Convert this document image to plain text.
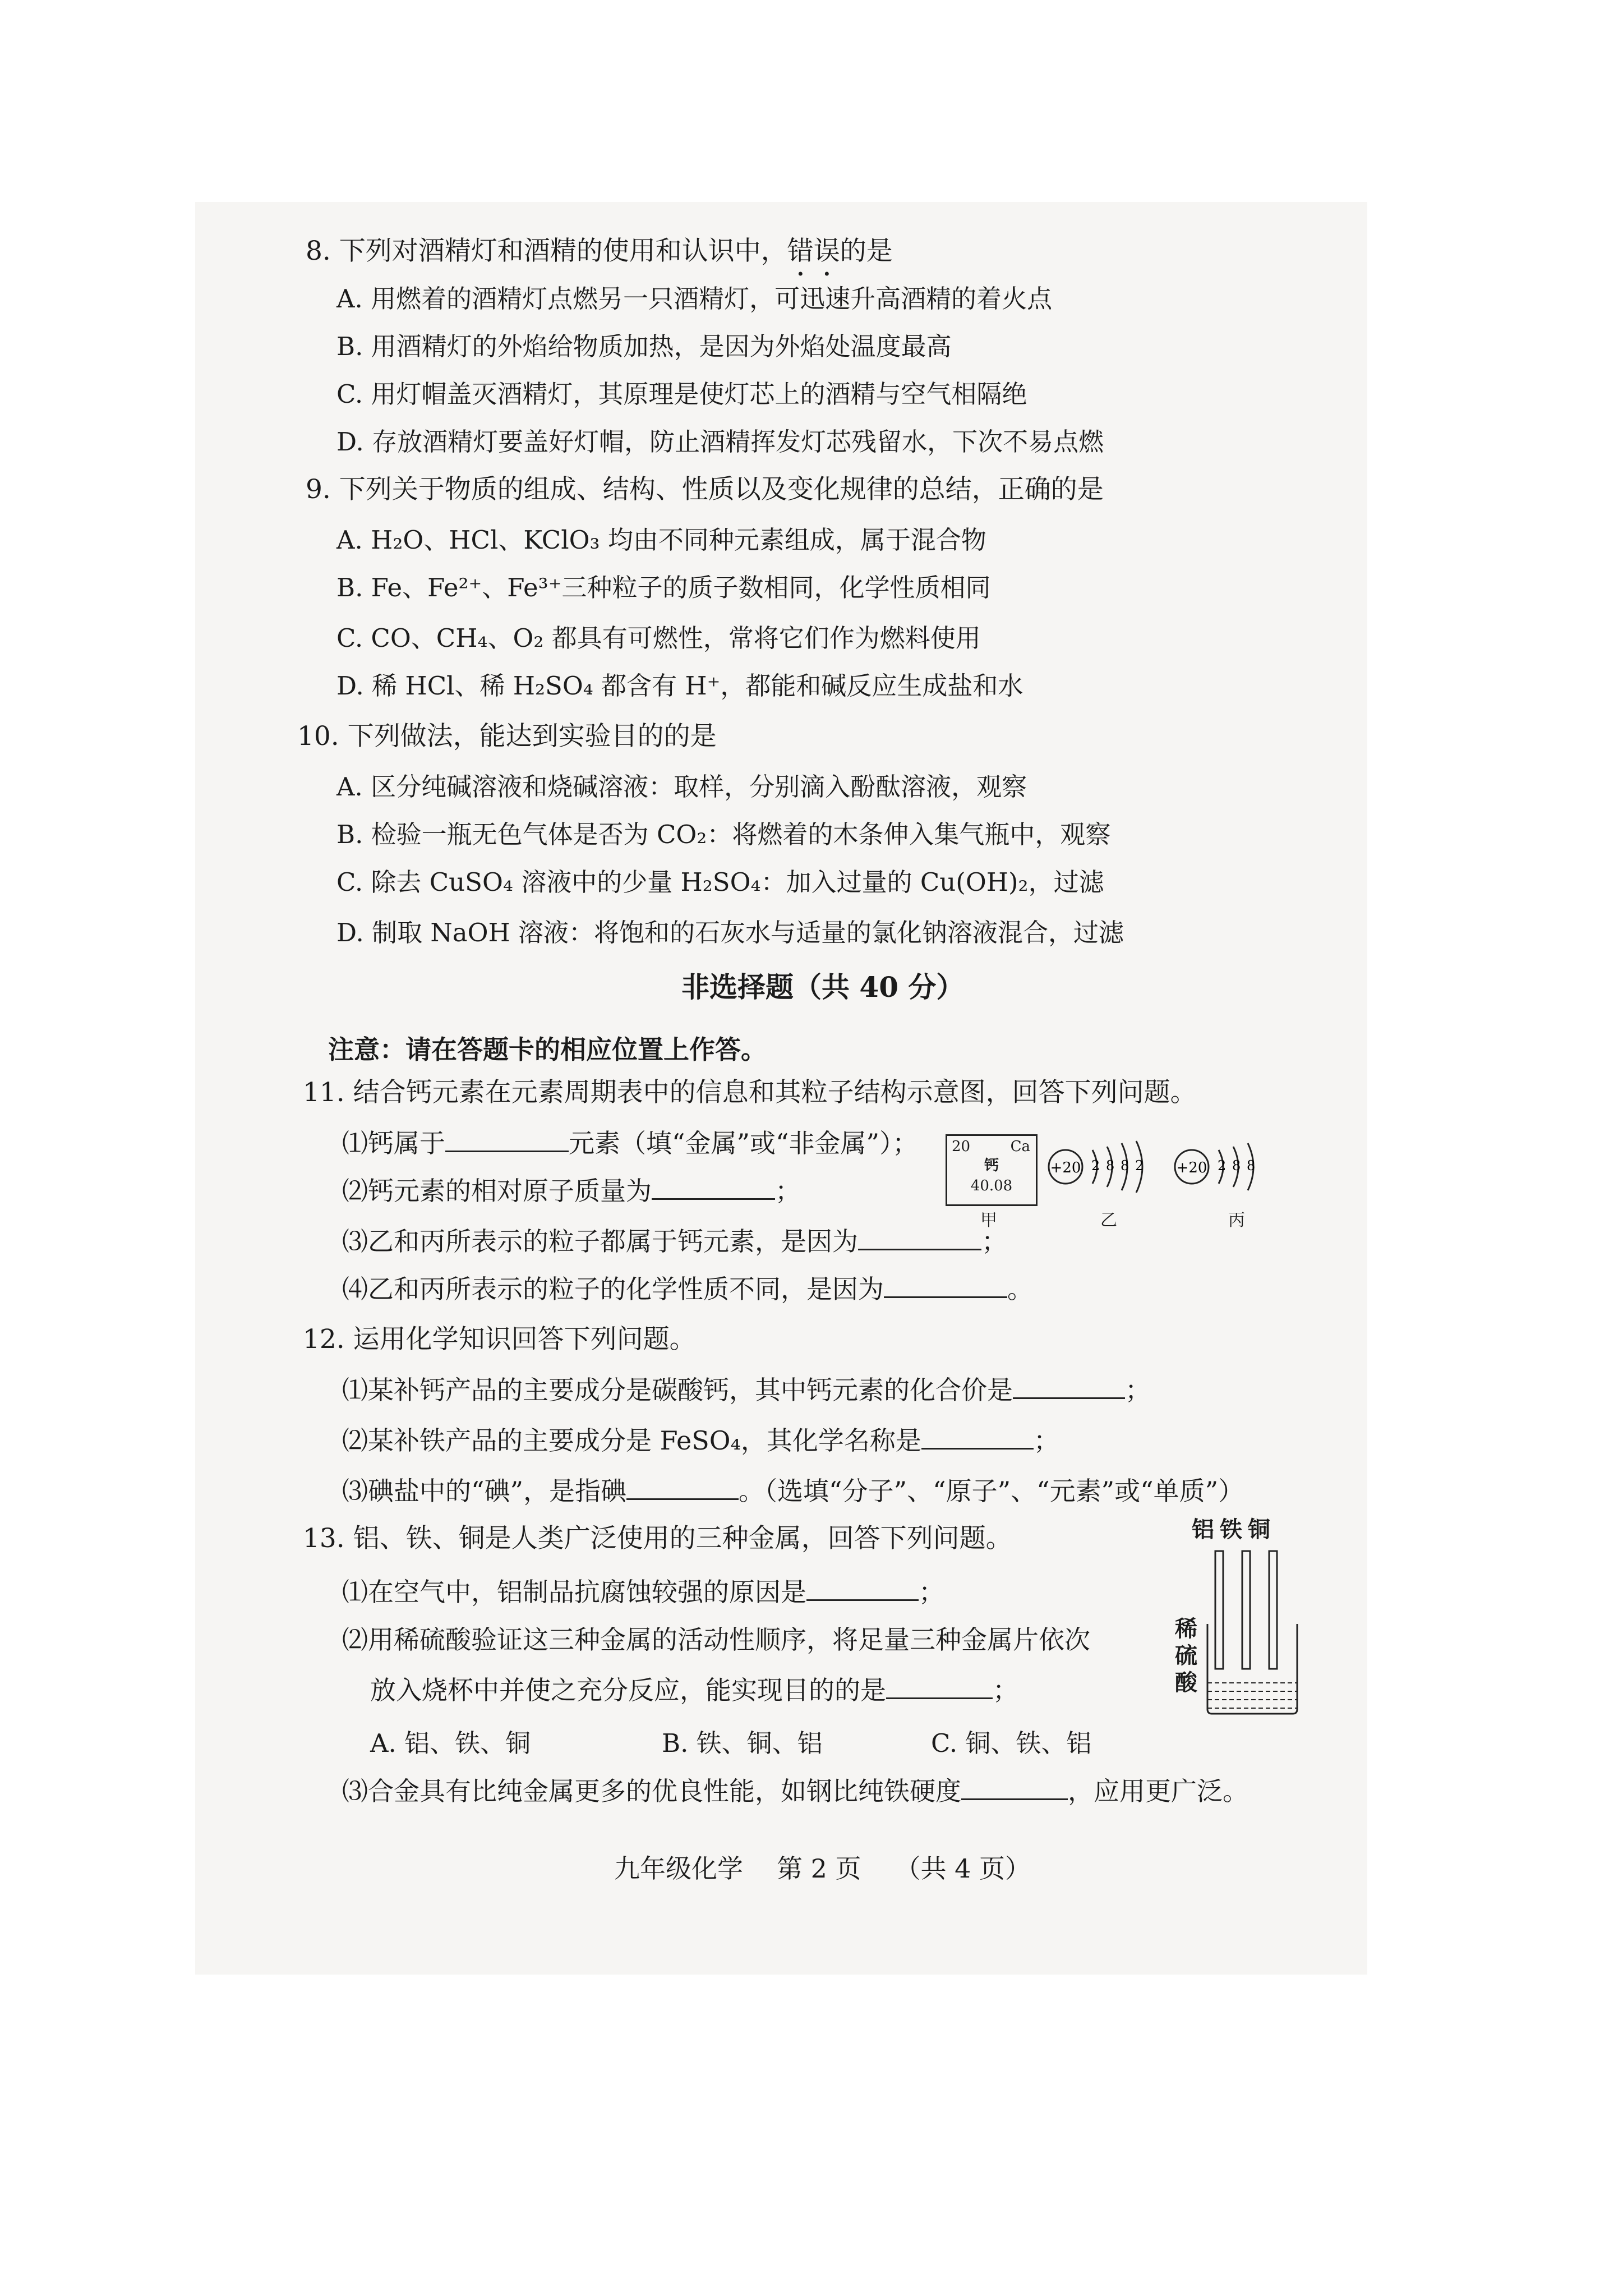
8. 下列对酒精灯和酒精的使用和认识中，错误的是
A. 用燃着的酒精灯点燃另一只酒精灯，可迅速升高酒精的着火点
B. 用酒精灯的外焰给物质加热，是因为外焰处温度最高
C. 用灯帽盖灭酒精灯，其原理是使灯芯上的酒精与空气相隔绝
D. 存放酒精灯要盖好灯帽，防止酒精挥发灯芯残留水，下次不易点燃
9. 下列关于物质的组成、结构、性质以及变化规律的总结，正确的是
A. H₂O、HCl、KClO₃ 均由不同种元素组成，属于混合物
B. Fe、Fe²⁺、Fe³⁺三种粒子的质子数相同，化学性质相同
C. CO、CH₄、O₂ 都具有可燃性，常将它们作为燃料使用
D. 稀 HCl、稀 H₂SO₄ 都含有 H⁺，都能和碱反应生成盐和水
10. 下列做法，能达到实验目的的是
A. 区分纯碱溶液和烧碱溶液：取样，分别滴入酚酞溶液，观察
B. 检验一瓶无色气体是否为 CO₂：将燃着的木条伸入集气瓶中，观察
C. 除去 CuSO₄ 溶液中的少量 H₂SO₄：加入过量的 Cu(OH)₂，过滤
D. 制取 NaOH 溶液：将饱和的石灰水与适量的氯化钠溶液混合，过滤
非选择题（共 40 分）
注意：请在答题卡的相应位置上作答。
11. 结合钙元素在元素周期表中的信息和其粒子结构示意图，回答下列问题。
⑴钙属于	元素（填“金属”或“非金属”）；
⑵钙元素的相对原子质量为	；
⑶乙和丙所表示的粒子都属于钙元素，是因为	；
⑷乙和丙所表示的粒子的化学性质不同，是因为	。
20	Ca
钙
40.08
+20 2 8 8 2 +20 2 8 8
甲	乙	丙
12. 运用化学知识回答下列问题。
⑴某补钙产品的主要成分是碳酸钙，其中钙元素的化合价是	；
⑵某补铁产品的主要成分是 FeSO₄，其化学名称是	；
⑶碘盐中的“碘”，是指碘	。（选填“分子”、“原子”、“元素”或“单质”）
13. 铝、铁、铜是人类广泛使用的三种金属，回答下列问题。
⑴在空气中，铝制品抗腐蚀较强的原因是	；
⑵用稀硫酸验证这三种金属的活动性顺序，将足量三种金属片依次
放入烧杯中并使之充分反应，能实现目的的是	；
A. 铝、铁、铜	B. 铁、铜、铝	C. 铜、铁、铝
⑶合金具有比纯金属更多的优良性能，如钢比纯铁硬度	，应用更广泛。
铝铁铜
稀硫酸
九年级化学 第 2 页 （共 4 页）
